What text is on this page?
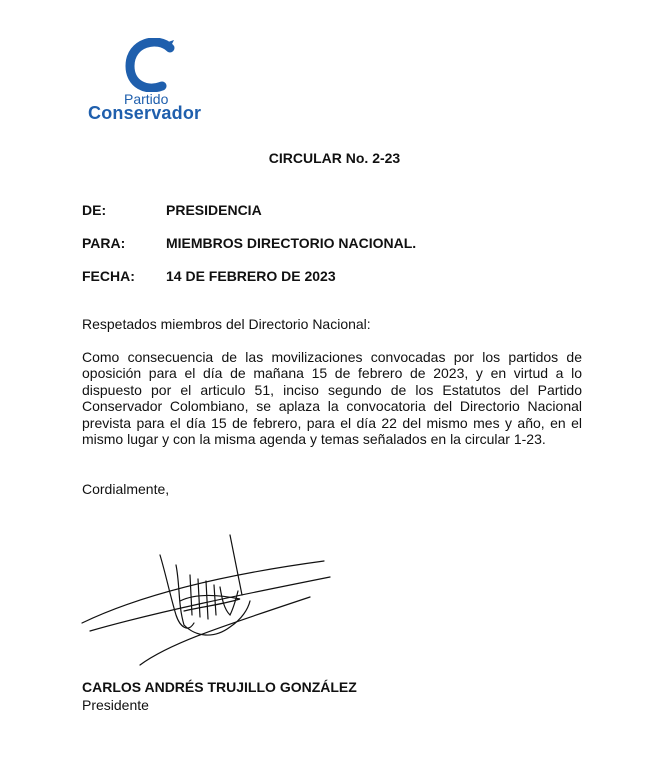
Partido
Conservador
CIRCULAR No. 2-23
DE:	PRESIDENCIA
PARA:	MIEMBROS DIRECTORIO NACIONAL.
FECHA: 14 DE FEBRERO DE 2023
Respetados miembros del Directorio Nacional:
Como consecuencia de las movilizaciones convocadas por los partidos de oposición para el día de mañana 15 de febrero de 2023, y en virtud a lo dispuesto por el articulo 51, inciso segundo de los Estatutos del Partido Conservador Colombiano, se aplaza la convocatoria del Directorio Nacional prevista para el día 15 de febrero, para el día 22 del mismo mes y año, en el mismo lugar y con la misma agenda y temas señalados en la circular 1-23.
Cordialmente,
CARLOS ANDRÉS TRUJILLO GONZÁLEZ
Presidente
